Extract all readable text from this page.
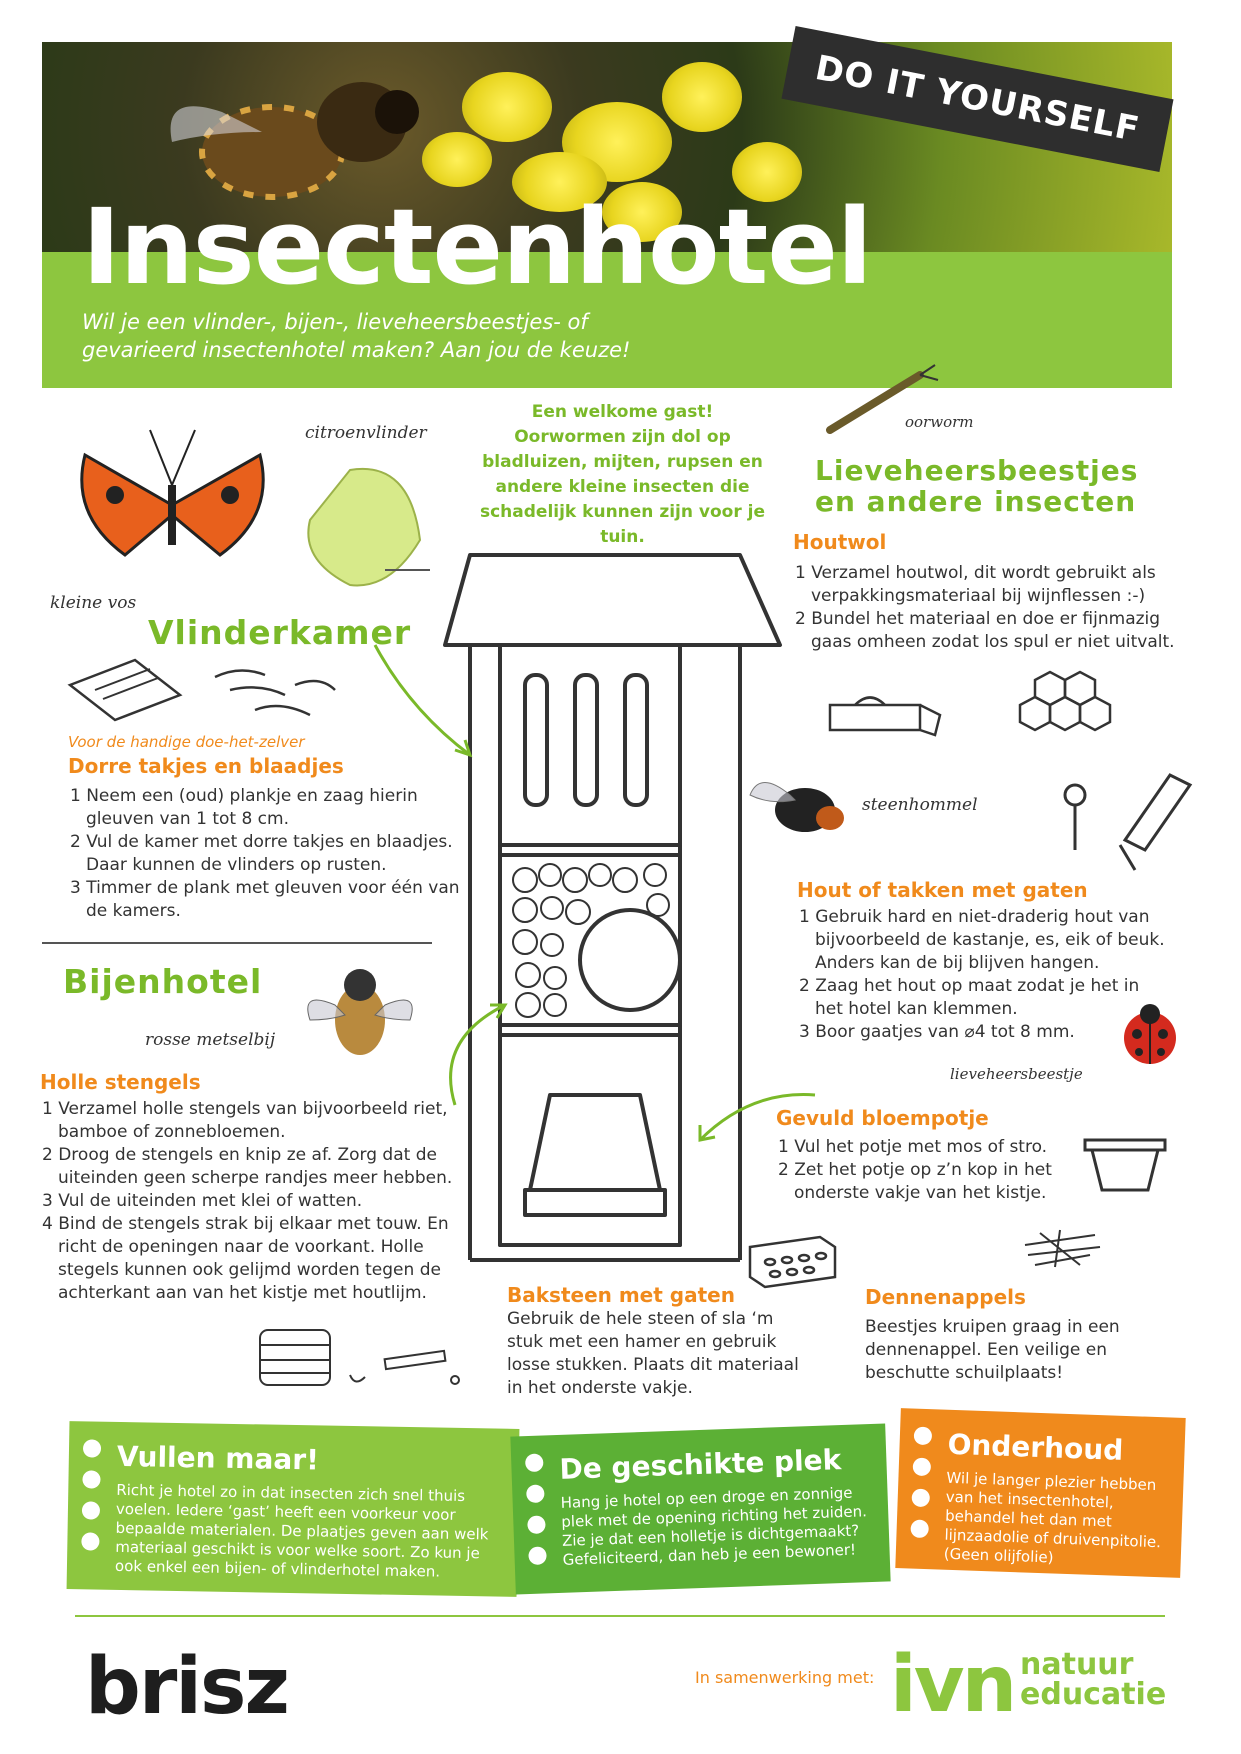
DO IT YOURSELF
Insectenhotel
Wil je een vlinder-, bijen-, lieveheersbeestjes- of gevarieerd insectenhotel maken? Aan jou de keuze!
citroenvlinder
kleine vos
Vlinderkamer
Voor de handige doe-het-zelver
Dorre takjes en blaadjes
1 Neem een (oud) plankje en zaag hierin gleuven van 1 tot 8 cm.
2 Vul de kamer met dorre takjes en blaadjes. Daar kunnen de vlinders op rusten.
3 Timmer de plank met gleuven voor één van de kamers.
Bijenhotel
rosse metselbij
Holle stengels
1 Verzamel holle stengels van bijvoorbeeld riet, bamboe of zonnebloemen.
2 Droog de stengels en knip ze af. Zorg dat de uiteinden geen scherpe randjes meer hebben.
3 Vul de uiteinden met klei of watten.
4 Bind de stengels strak bij elkaar met touw. En richt de openingen naar de voorkant. Holle stegels kunnen ook gelijmd worden tegen de achterkant aan van het kistje met houtlijm.
Een welkome gast! Oorwormen zijn dol op bladluizen, mijten, rupsen en andere kleine insecten die schadelijk kunnen zijn voor je tuin.
oorworm
Lieveheersbeestjes en andere insecten
Houtwol
1 Verzamel houtwol, dit wordt gebruikt als verpakkingsmateriaal bij wijnflessen :-)
2 Bundel het materiaal en doe er fijnmazig gaas omheen zodat los spul er niet uitvalt.
steenhommel
Hout of takken met gaten
1 Gebruik hard en niet-draderig hout van bijvoorbeeld de kastanje, es, eik of beuk. Anders kan de bij blijven hangen.
2 Zaag het hout op maat zodat je het in het hotel kan klemmen.
3 Boor gaatjes van ⌀4 tot 8 mm.
lieveheersbeestje
Gevuld bloempotje
1 Vul het potje met mos of stro.
2 Zet het potje op z’n kop in het onderste vakje van het kistje.
Baksteen met gaten
Gebruik de hele steen of sla ‘m stuk met een hamer en gebruik losse stukken. Plaats dit materiaal in het onderste vakje.
Dennenappels
Beestjes kruipen graag in een dennenappel. Een veilige en beschutte schuilplaats!
Vullen maar!

Richt je hotel zo in dat insecten zich snel thuis voelen. Iedere ‘gast’ heeft een voorkeur voor bepaalde materialen. De plaatjes geven aan welk materiaal geschikt is voor welke soort. Zo kun je ook enkel een bijen- of vlinderhotel maken.

De geschikte plek

Hang je hotel op een droge en zonnige plek met de opening richting het zuiden. Zie je dat een holletje is dichtgemaakt? Gefeliciteerd, dan heb je een bewoner!

Onderhoud

Wil je langer plezier hebben van het insectenhotel, behandel het dan met lijnzaadolie of druivenpitolie. (Geen olijfolie)

brisz	In samenwerking met: ivn natuur
educatie
